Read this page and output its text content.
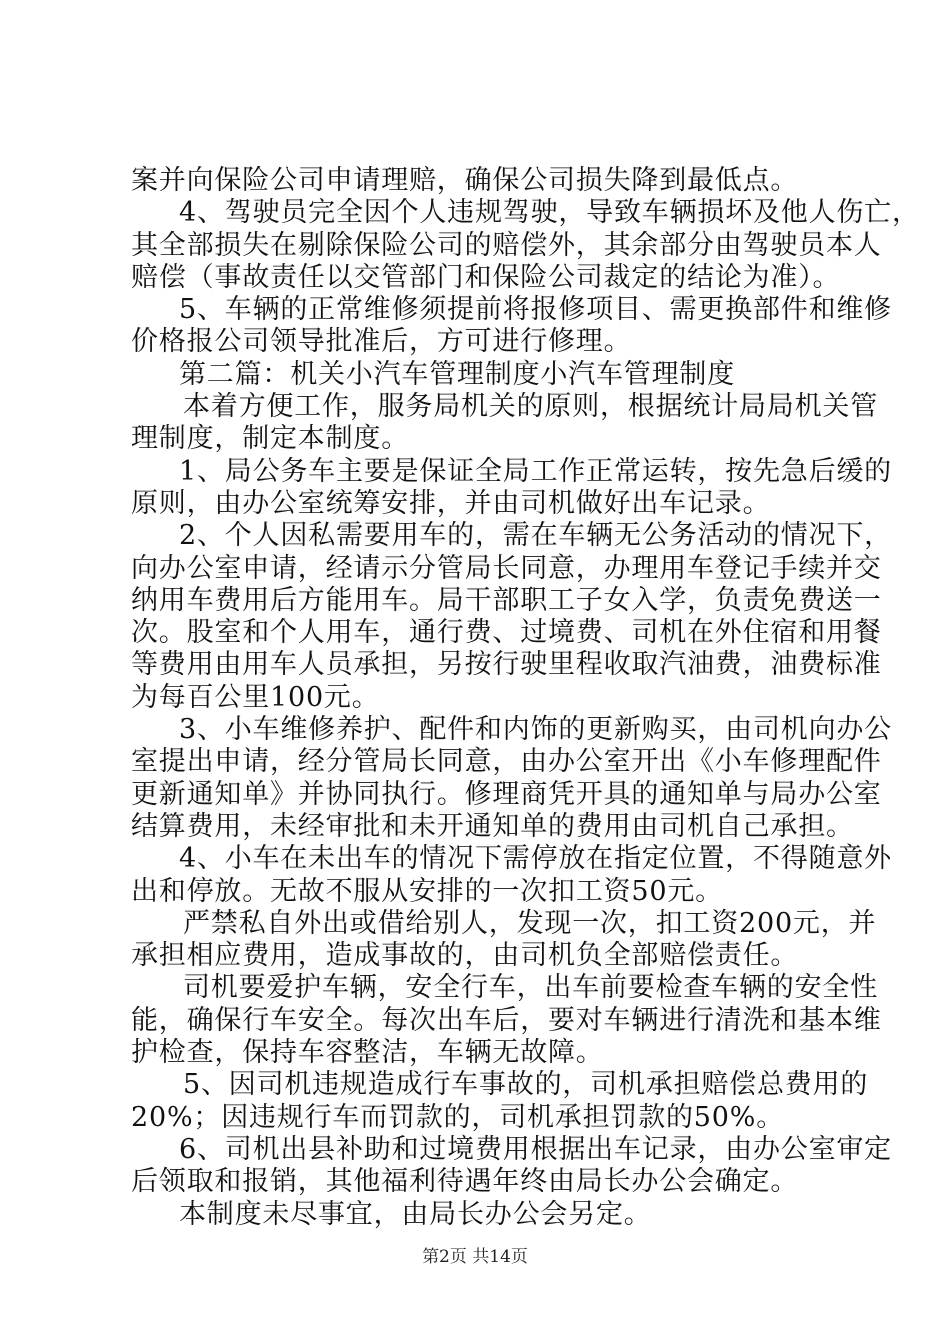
案并向保险公司申请理赔，确保公司损失降到最低点。
4、驾驶员完全因个人违规驾驶，导致车辆损坏及他人伤亡，
其全部损失在剔除保险公司的赔偿外，其余部分由驾驶员本人
赔偿（事故责任以交管部门和保险公司裁定的结论为准）。
5、车辆的正常维修须提前将报修项目、需更换部件和维修
价格报公司领导批准后，方可进行修理。
第二篇：机关小汽车管理制度小汽车管理制度
本着方便工作，服务局机关的原则，根据统计局局机关管
理制度，制定本制度。
1、局公务车主要是保证全局工作正常运转，按先急后缓的
原则，由办公室统筹安排，并由司机做好出车记录。
2、个人因私需要用车的，需在车辆无公务活动的情况下，
向办公室申请，经请示分管局长同意，办理用车登记手续并交
纳用车费用后方能用车。局干部职工子女入学，负责免费送一
次。股室和个人用车，通行费、过境费、司机在外住宿和用餐
等费用由用车人员承担，另按行驶里程收取汽油费，油费标准
为每百公里100元。
3、小车维修养护、配件和内饰的更新购买，由司机向办公
室提出申请，经分管局长同意，由办公室开出《小车修理配件
更新通知单》并协同执行。修理商凭开具的通知单与局办公室
结算费用，未经审批和未开通知单的费用由司机自己承担。
4、小车在未出车的情况下需停放在指定位置，不得随意外
出和停放。无故不服从安排的一次扣工资50元。
严禁私自外出或借给别人，发现一次，扣工资200元，并
承担相应费用，造成事故的，由司机负全部赔偿责任。
司机要爱护车辆，安全行车，出车前要检查车辆的安全性
能，确保行车安全。每次出车后，要对车辆进行清洗和基本维
护检查，保持车容整洁，车辆无故障。
5、因司机违规造成行车事故的，司机承担赔偿总费用的
20%；因违规行车而罚款的，司机承担罚款的50%。
6、司机出县补助和过境费用根据出车记录，由办公室审定
后领取和报销，其他福利待遇年终由局长办公会确定。
本制度未尽事宜，由局长办公会另定。
第2页 共14页
